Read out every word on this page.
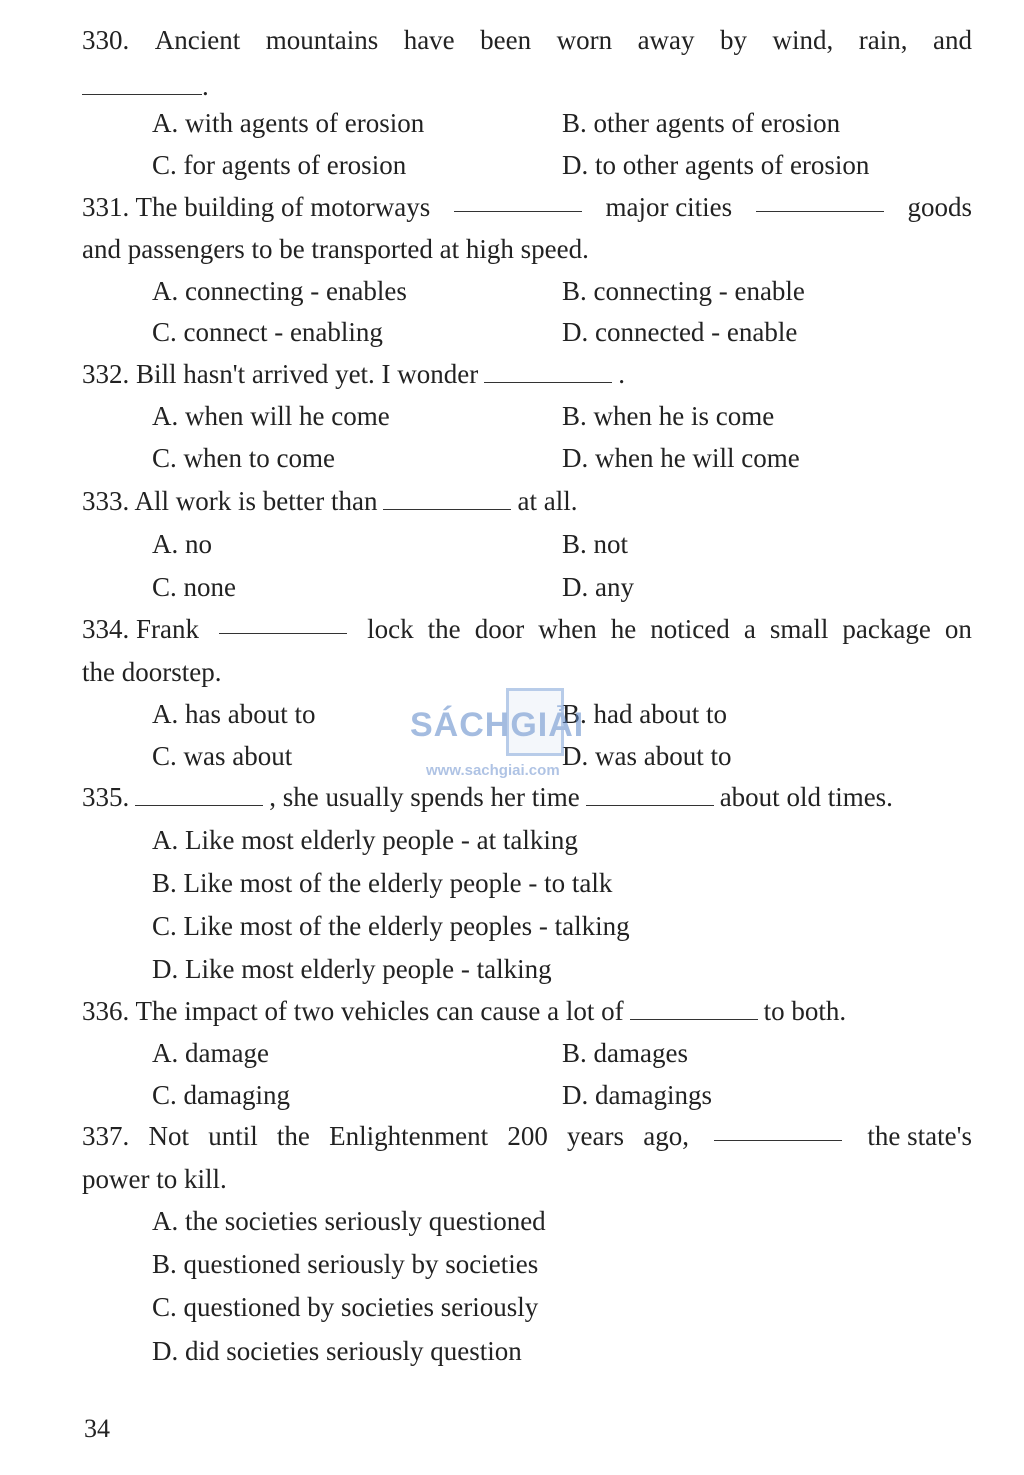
330. Ancient mountains have been worn away by wind, rain, and
.
A. with agents of erosion	B. other agents of erosion
C. for agents of erosion	D. to other agents of erosion
331. The building of motorways	major cities	goods
and passengers to be transported at high speed.
A. connecting - enables	B. connecting - enable
C. connect - enabling	D. connected - enable
332. Bill hasn't arrived yet. I wonder	.
A. when will he come	B. when he is come
C. when to come	D. when he will come
333. All work is better than	at all.
A. no	B. not
C. none	D. any
334. Frank	lock the door when he noticed a small package on
the doorstep.
A. has about to	B. had about to
C. was about	D. was about to
335.	, she usually spends her time	about old times.
A. Like most elderly people - at talking
B. Like most of the elderly people - to talk
C. Like most of the elderly peoples - talking
D. Like most elderly people - talking
336. The impact of two vehicles can cause a lot of	to both.
A. damage	B. damages
C. damaging	D. damagings
337. Not until the Enlightenment 200 years ago,	the state's
power to kill.
A. the societies seriously questioned
B. questioned seriously by societies
C. questioned by societies seriously
D. did societies seriously question
SÁCHGIẢI
www.sachgiai.com
34
